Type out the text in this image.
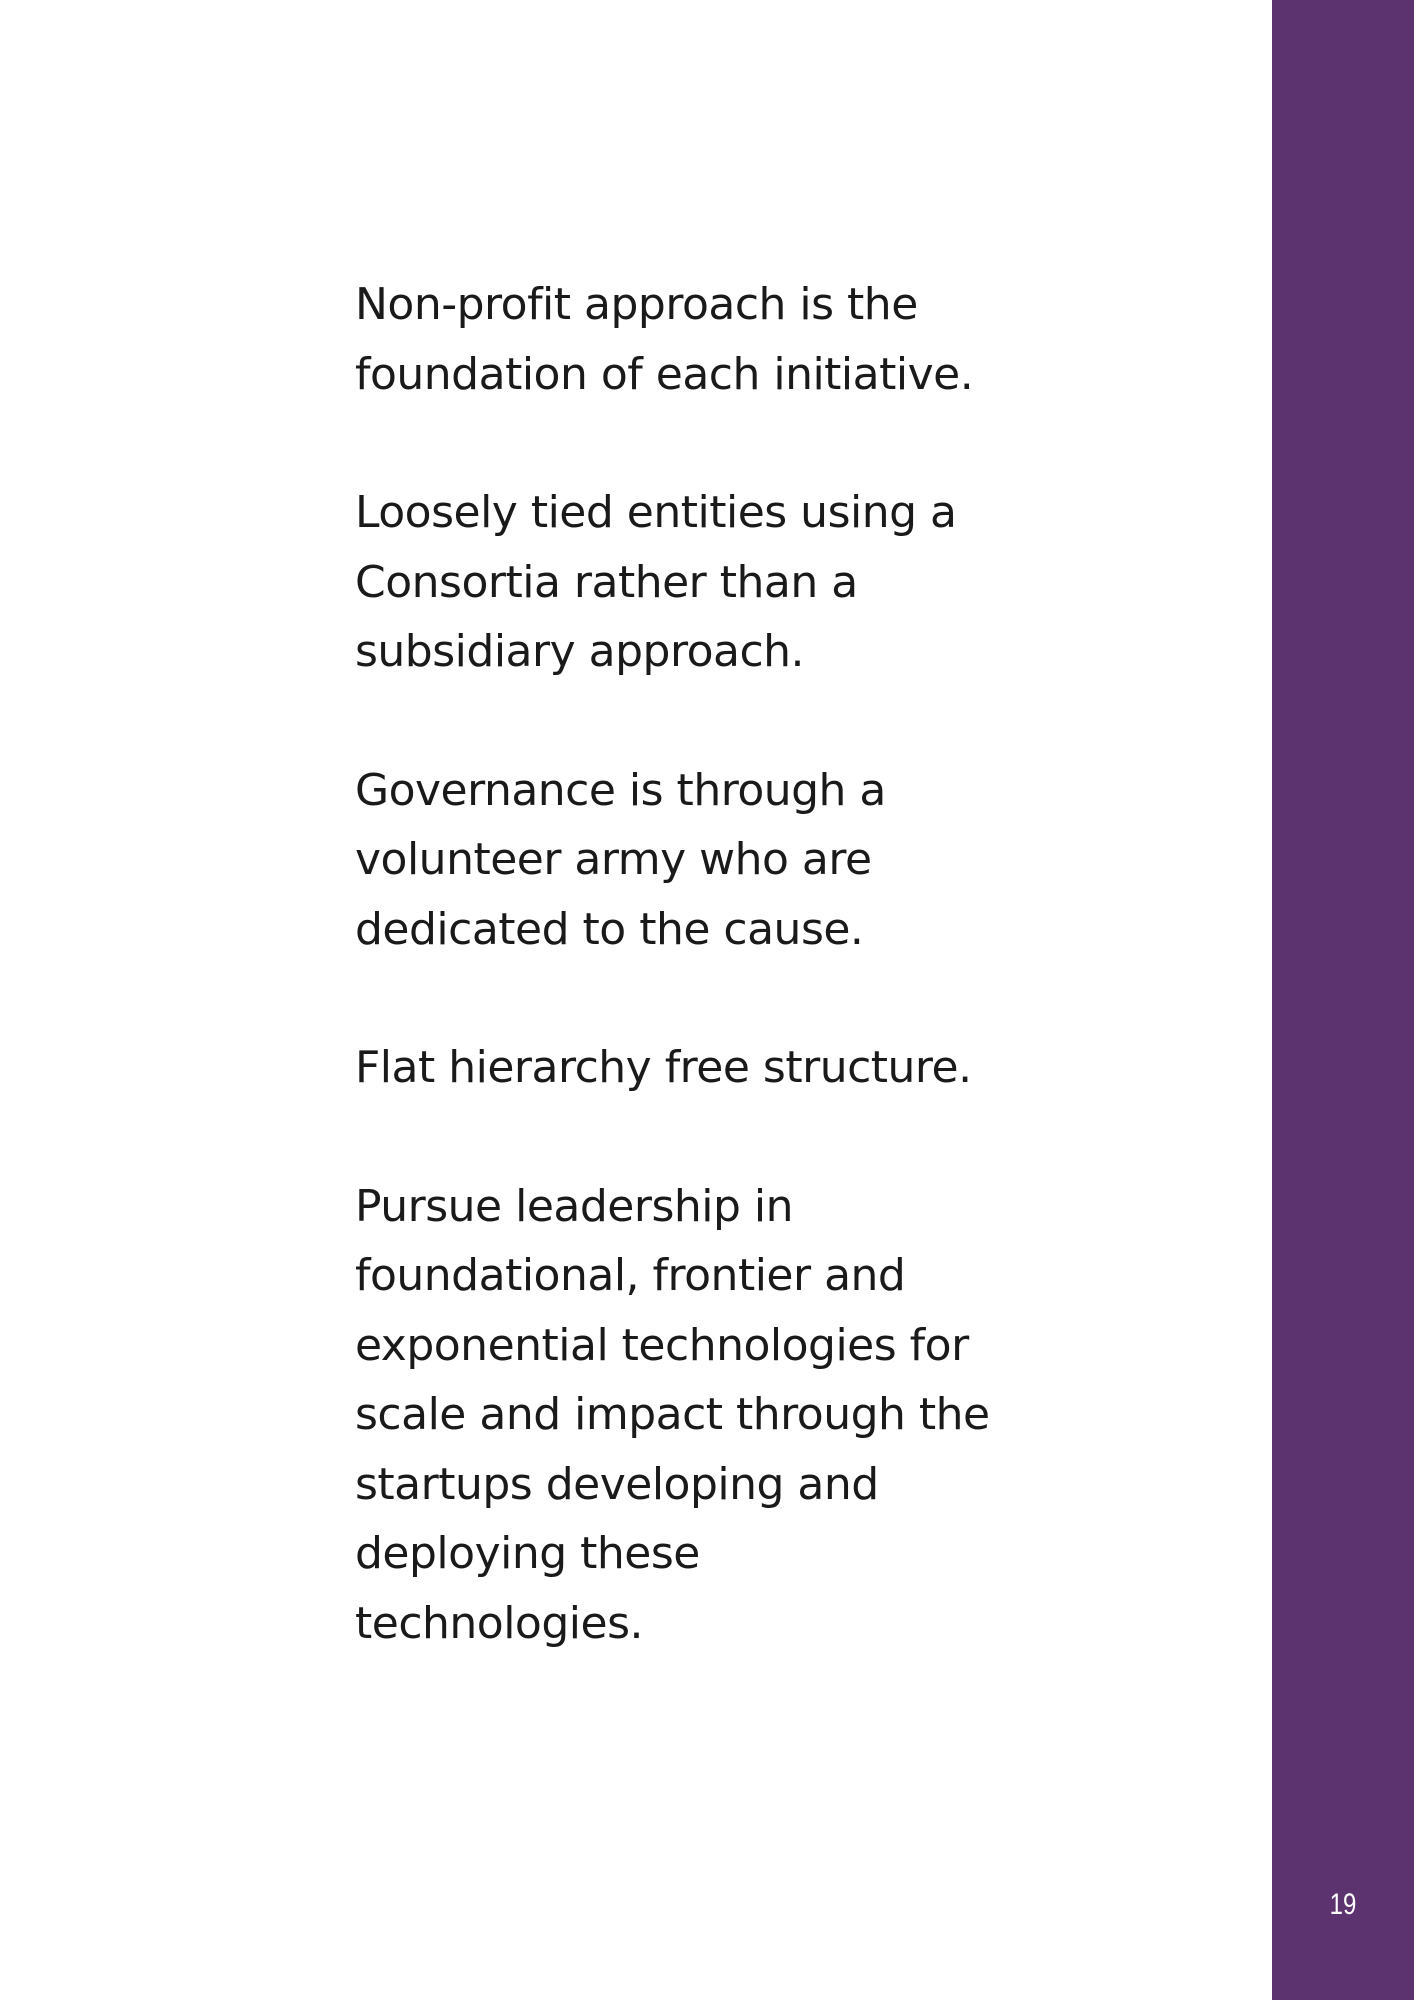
Non-profit approach is the foundation of each initiative.

Loosely tied entities using a Consortia rather than a subsidiary approach.

Governance is through a volunteer army who are dedicated to the cause.

Flat hierarchy free structure.

Pursue leadership in foundational, frontier and exponential technologies for scale and impact through the startups developing and deploying these technologies.

19
